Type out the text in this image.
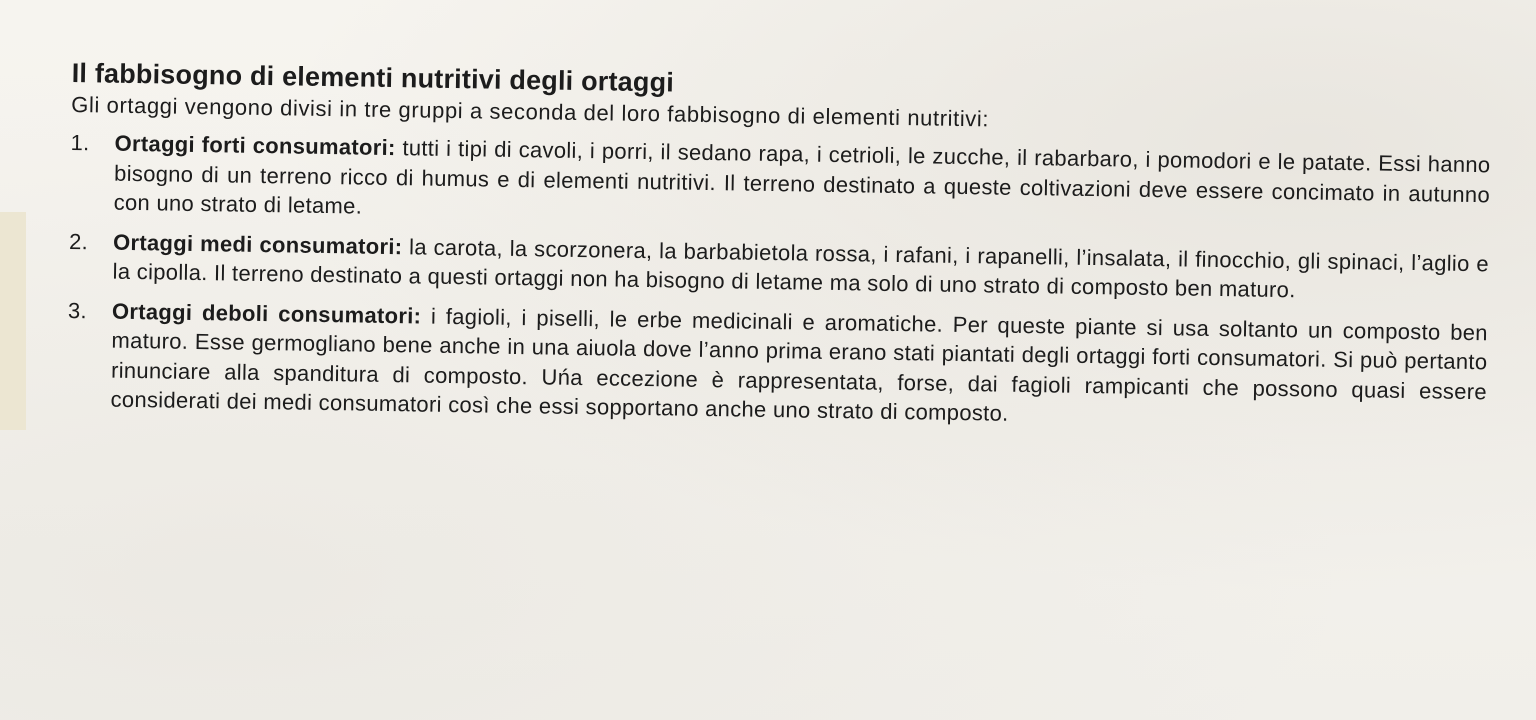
Il fabbisogno di elementi nutritivi degli ortaggi

Gli ortaggi vengono divisi in tre gruppi a seconda del loro fabbisogno di elementi nutritivi:

1. Ortaggi forti consumatori: tutti i tipi di cavoli, i porri, il sedano rapa, i cetrioli, le zucche, il rabarbaro, i pomodori e le patate. Essi hanno bisogno di un terreno ricco di humus e di elementi nutritivi. Il terreno destinato a queste coltivazioni deve essere concimato in autunno con uno strato di letame.
2. Ortaggi medi consumatori: la carota, la scorzonera, la barbabietola rossa, i rafani, i rapanelli, l’insalata, il finocchio, gli spinaci, l’aglio e la cipolla. Il terreno destinato a questi ortaggi non ha bisogno di letame ma solo di uno strato di composto ben maturo.
3. Ortaggi deboli consumatori: i fagioli, i piselli, le erbe medicinali e aromatiche. Per queste piante si usa soltanto un composto ben maturo. Esse germogliano bene anche in una aiuola dove l’anno prima erano stati piantati degli ortaggi forti consumatori. Si può pertanto rinunciare alla spanditura di composto. Uńa eccezione è rappresentata, forse, dai fagioli rampicanti che possono quasi essere considerati dei medi consumatori così che essi sopportano anche uno strato di composto.
